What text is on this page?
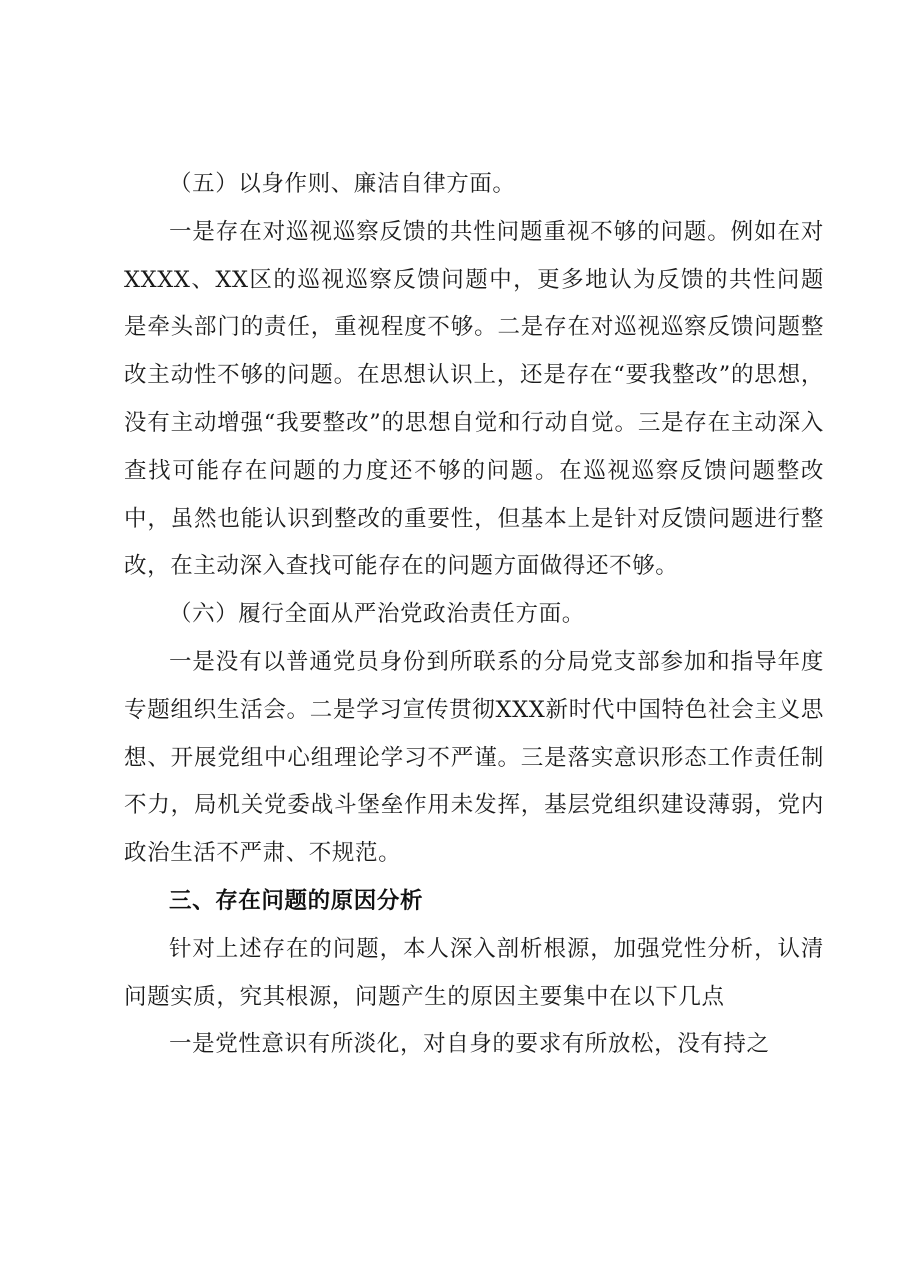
（五）以身作则、廉洁自律方面。

一是存在对巡视巡察反馈的共性问题重视不够的问题。例如在对XXXX、XX区的巡视巡察反馈问题中，更多地认为反馈的共性问题是牵头部门的责任，重视程度不够。二是存在对巡视巡察反馈问题整改主动性不够的问题。在思想认识上，还是存在“要我整改”的思想，没有主动增强“我要整改”的思想自觉和行动自觉。三是存在主动深入查找可能存在问题的力度还不够的问题。在巡视巡察反馈问题整改中，虽然也能认识到整改的重要性，但基本上是针对反馈问题进行整改，在主动深入查找可能存在的问题方面做得还不够。

（六）履行全面从严治党政治责任方面。

一是没有以普通党员身份到所联系的分局党支部参加和指导年度专题组织生活会。二是学习宣传贯彻XXX新时代中国特色社会主义思想、开展党组中心组理论学习不严谨。三是落实意识形态工作责任制不力，局机关党委战斗堡垒作用未发挥，基层党组织建设薄弱，党内政治生活不严肃、不规范。

三、存在问题的原因分析

针对上述存在的问题，本人深入剖析根源，加强党性分析，认清问题实质，究其根源，问题产生的原因主要集中在以下几点

一是党性意识有所淡化，对自身的要求有所放松，没有持之
